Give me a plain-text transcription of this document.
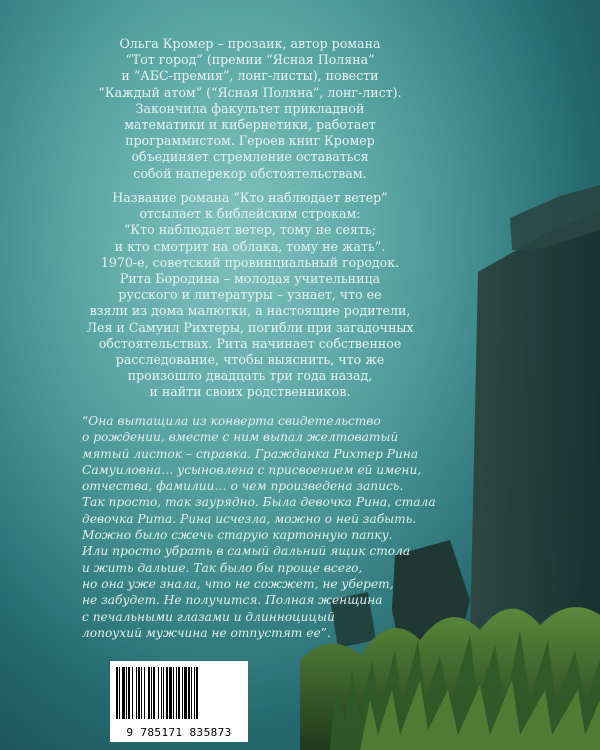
Ольга Кромер – прозаик, автор романа

“Тот город” (премии “Ясная Поляна”

и “АБС-премия”, лонг-листы), повести

“Каждый атом” (“Ясная Поляна”, лонг-лист).

Закончила факультет прикладной

математики и кибернетики, работает

программистом. Героев книг Кромер

объединяет стремление оставаться

собой наперекор обстоятельствам.

Название романа “Кто наблюдает ветер”

отсылает к библейским строкам:

“Кто наблюдает ветер, тому не сеять;

и кто смотрит на облака, тому не жать”.

1970-е, советский провинциальный городок.

Рита Бородина – молодая учительница

русского и литературы – узнает, что ее

взяли из дома малютки, а настоящие родители,

Лея и Самуил Рихтеры, погибли при загадочных

обстоятельствах. Рита начинает собственное

расследование, чтобы выяснить, что же

произошло двадцать три года назад,

и найти своих родственников.

“Она вытащила из конверта свидетельство
о рождении, вместе с ним выпал желтоватый
мятый листок – справка. Гражданка Рихтер Рина
Самуиловна… усыновлена с присвоением ей имени,
отчества, фамилии… о чем произведена запись.
Так просто, так заурядно. Была девочка Рина, стала
девочка Рита. Рина исчезла, можно о ней забыть.
Можно было сжечь старую картонную папку.
Или просто убрать в самый дальний ящик стола
и жить дальше. Так было бы проще всего,
но она уже знала, что не сожжет, не уберет,
не забудет. Не получится. Полная женщина
с печальными глазами и длинноцицый
лопоухий мужчина не отпустят ее”.
9 785171 835873
